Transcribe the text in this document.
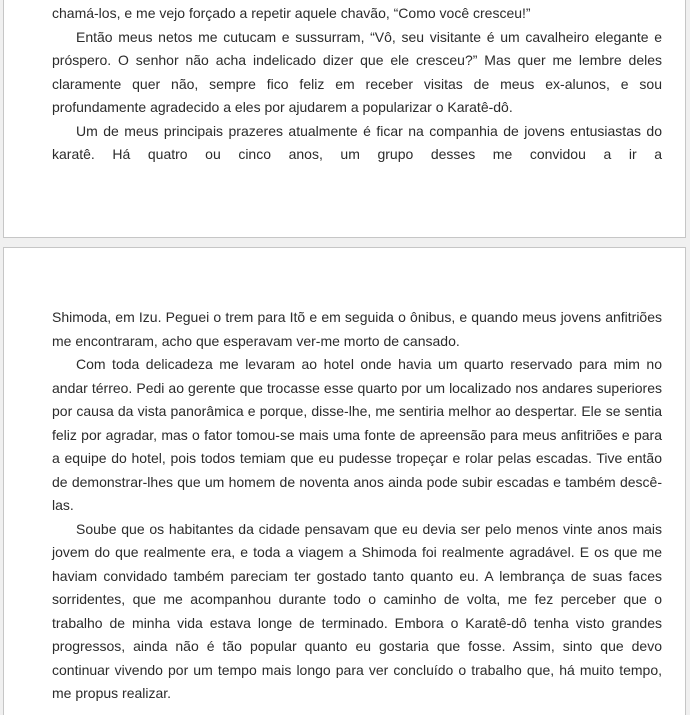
chamá-los, e me vejo forçado a repetir aquele chavão, “Como você cresceu!”

Então meus netos me cutucam e sussurram, “Vô, seu visitante é um cavalheiro elegante e próspero. O senhor não acha indelicado dizer que ele cresceu?” Mas quer me lembre deles claramente quer não, sempre fico feliz em receber visitas de meus ex-alunos, e sou profundamente agradecido a eles por ajudarem a popularizar o Karatê-dô.

Um de meus principais prazeres atualmente é ficar na companhia de jovens entusiastas do karatê. Há quatro ou cinco anos, um grupo desses me convidou a ir a

Shimoda, em Izu. Peguei o trem para Itõ e em seguida o ônibus, e quando meus jovens anfitriões me encontraram, acho que esperavam ver-me morto de cansado.

Com toda delicadeza me levaram ao hotel onde havia um quarto reservado para mim no andar térreo. Pedi ao gerente que trocasse esse quarto por um localizado nos andares superiores por causa da vista panorâmica e porque, disse-lhe, me sentiria melhor ao despertar. Ele se sentia feliz por agradar, mas o fator tomou-se mais uma fonte de apreensão para meus anfitriões e para a equipe do hotel, pois todos temiam que eu pudesse tropeçar e rolar pelas escadas. Tive então de demonstrar-lhes que um homem de noventa anos ainda pode subir escadas e também descê-las.

Soube que os habitantes da cidade pensavam que eu devia ser pelo menos vinte anos mais jovem do que realmente era, e toda a viagem a Shimoda foi realmente agradável. E os que me haviam convidado também pareciam ter gostado tanto quanto eu. A lembrança de suas faces sorridentes, que me acompanhou durante todo o caminho de volta, me fez perceber que o trabalho de minha vida estava longe de terminado. Embora o Karatê-dô tenha visto grandes progressos, ainda não é tão popular quanto eu gostaria que fosse. Assim, sinto que devo continuar vivendo por um tempo mais longo para ver concluído o trabalho que, há muito tempo, me propus realizar.
